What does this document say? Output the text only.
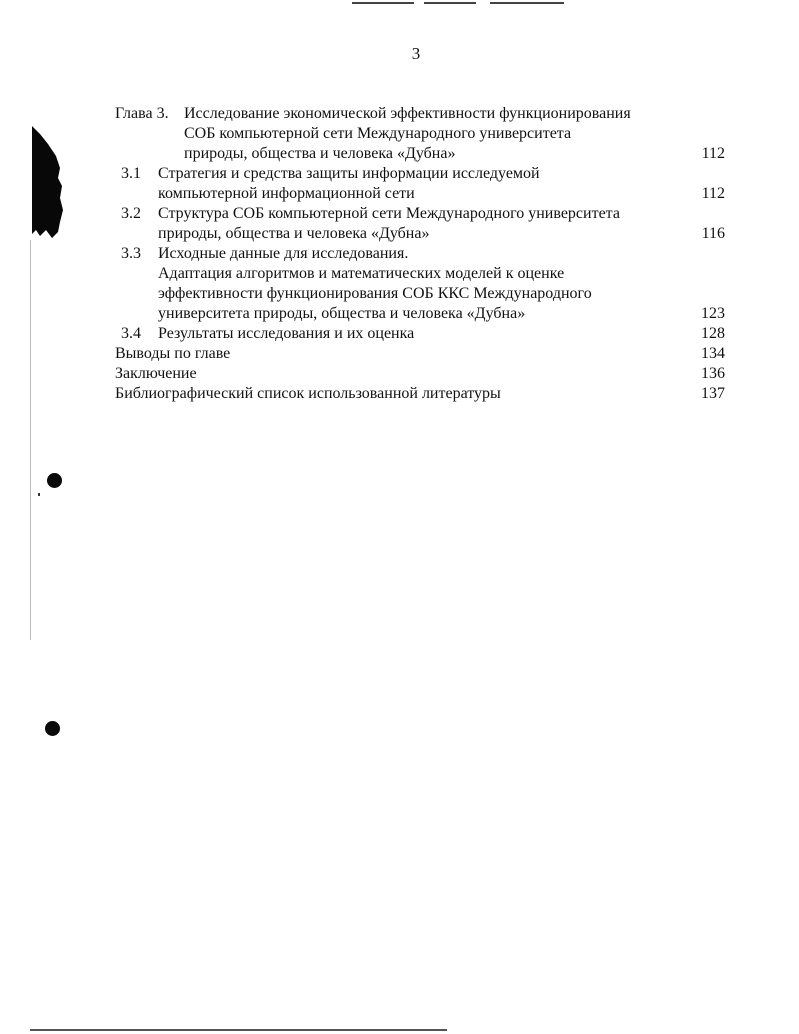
3
Глава 3. Исследование экономической эффективности функционирования
СОБ компьютерной сети Международного университета
природы, общества и человека «Дубна»	112
3.1 Стратегия и средства защиты информации исследуемой
компьютерной информационной сети	112
3.2 Структура СОБ компьютерной сети Международного университета
природы, общества и человека «Дубна»	116
3.3 Исходные данные для исследования.
Адаптация алгоритмов и математических моделей к оценке
эффективности функционирования СОБ ККС Международного
университета природы, общества и человека «Дубна»	123
3.4 Результаты исследования и их оценка	128
Выводы по главе	134
Заключение	136
Библиографический список использованной литературы	137
